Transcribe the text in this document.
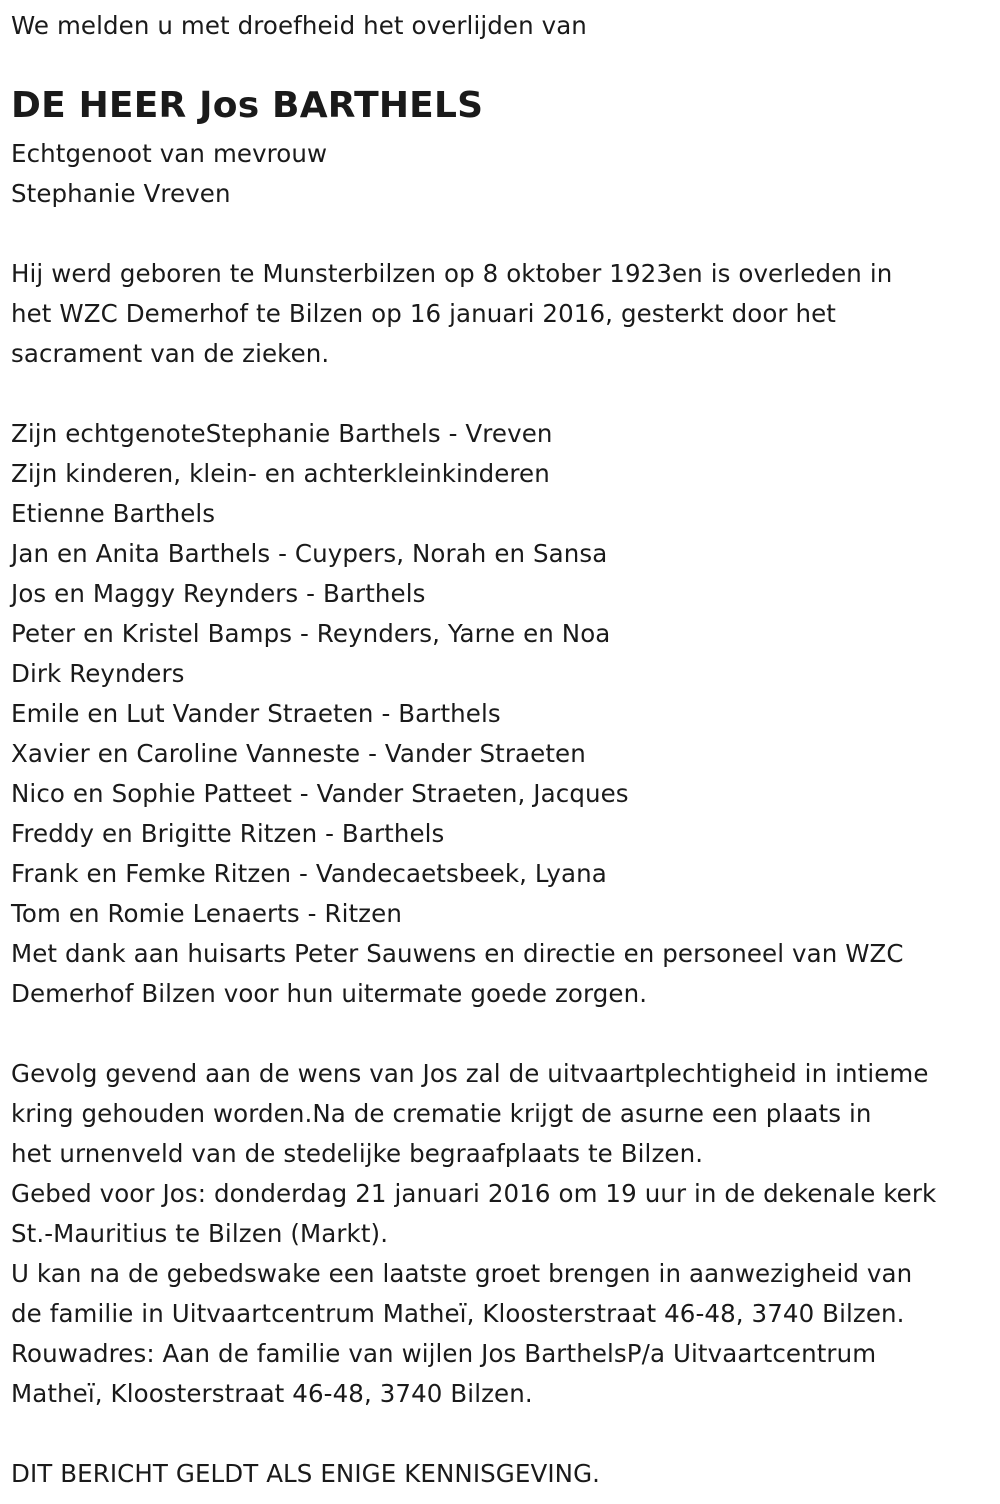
We melden u met droefheid het overlijden van
DE HEER Jos BARTHELS
Echtgenoot van mevrouw
Stephanie Vreven
Hij werd geboren te Munsterbilzen op 8 oktober 1923en is overleden in
het WZC Demerhof te Bilzen op 16 januari 2016, gesterkt door het
sacrament van de zieken.
Zijn echtgenoteStephanie Barthels - Vreven
Zijn kinderen, klein- en achterkleinkinderen
Etienne Barthels
Jan en Anita Barthels - Cuypers, Norah en Sansa
Jos en Maggy Reynders - Barthels
Peter en Kristel Bamps - Reynders, Yarne en Noa
Dirk Reynders
Emile en Lut Vander Straeten - Barthels
Xavier en Caroline Vanneste - Vander Straeten
Nico en Sophie Patteet - Vander Straeten, Jacques
Freddy en Brigitte Ritzen - Barthels
Frank en Femke Ritzen - Vandecaetsbeek, Lyana
Tom en Romie Lenaerts - Ritzen
Met dank aan huisarts Peter Sauwens en directie en personeel van WZC
Demerhof Bilzen voor hun uitermate goede zorgen.
Gevolg gevend aan de wens van Jos zal de uitvaartplechtigheid in intieme
kring gehouden worden.Na de crematie krijgt de asurne een plaats in
het urnenveld van de stedelijke begraafplaats te Bilzen.
Gebed voor Jos: donderdag 21 januari 2016 om 19 uur in de dekenale kerk
St.-Mauritius te Bilzen (Markt).
U kan na de gebedswake een laatste groet brengen in aanwezigheid van
de familie in Uitvaartcentrum Matheï, Kloosterstraat 46-48, 3740 Bilzen.
Rouwadres: Aan de familie van wijlen Jos BarthelsP/a Uitvaartcentrum
Matheï, Kloosterstraat 46-48, 3740 Bilzen.
DIT BERICHT GELDT ALS ENIGE KENNISGEVING.
